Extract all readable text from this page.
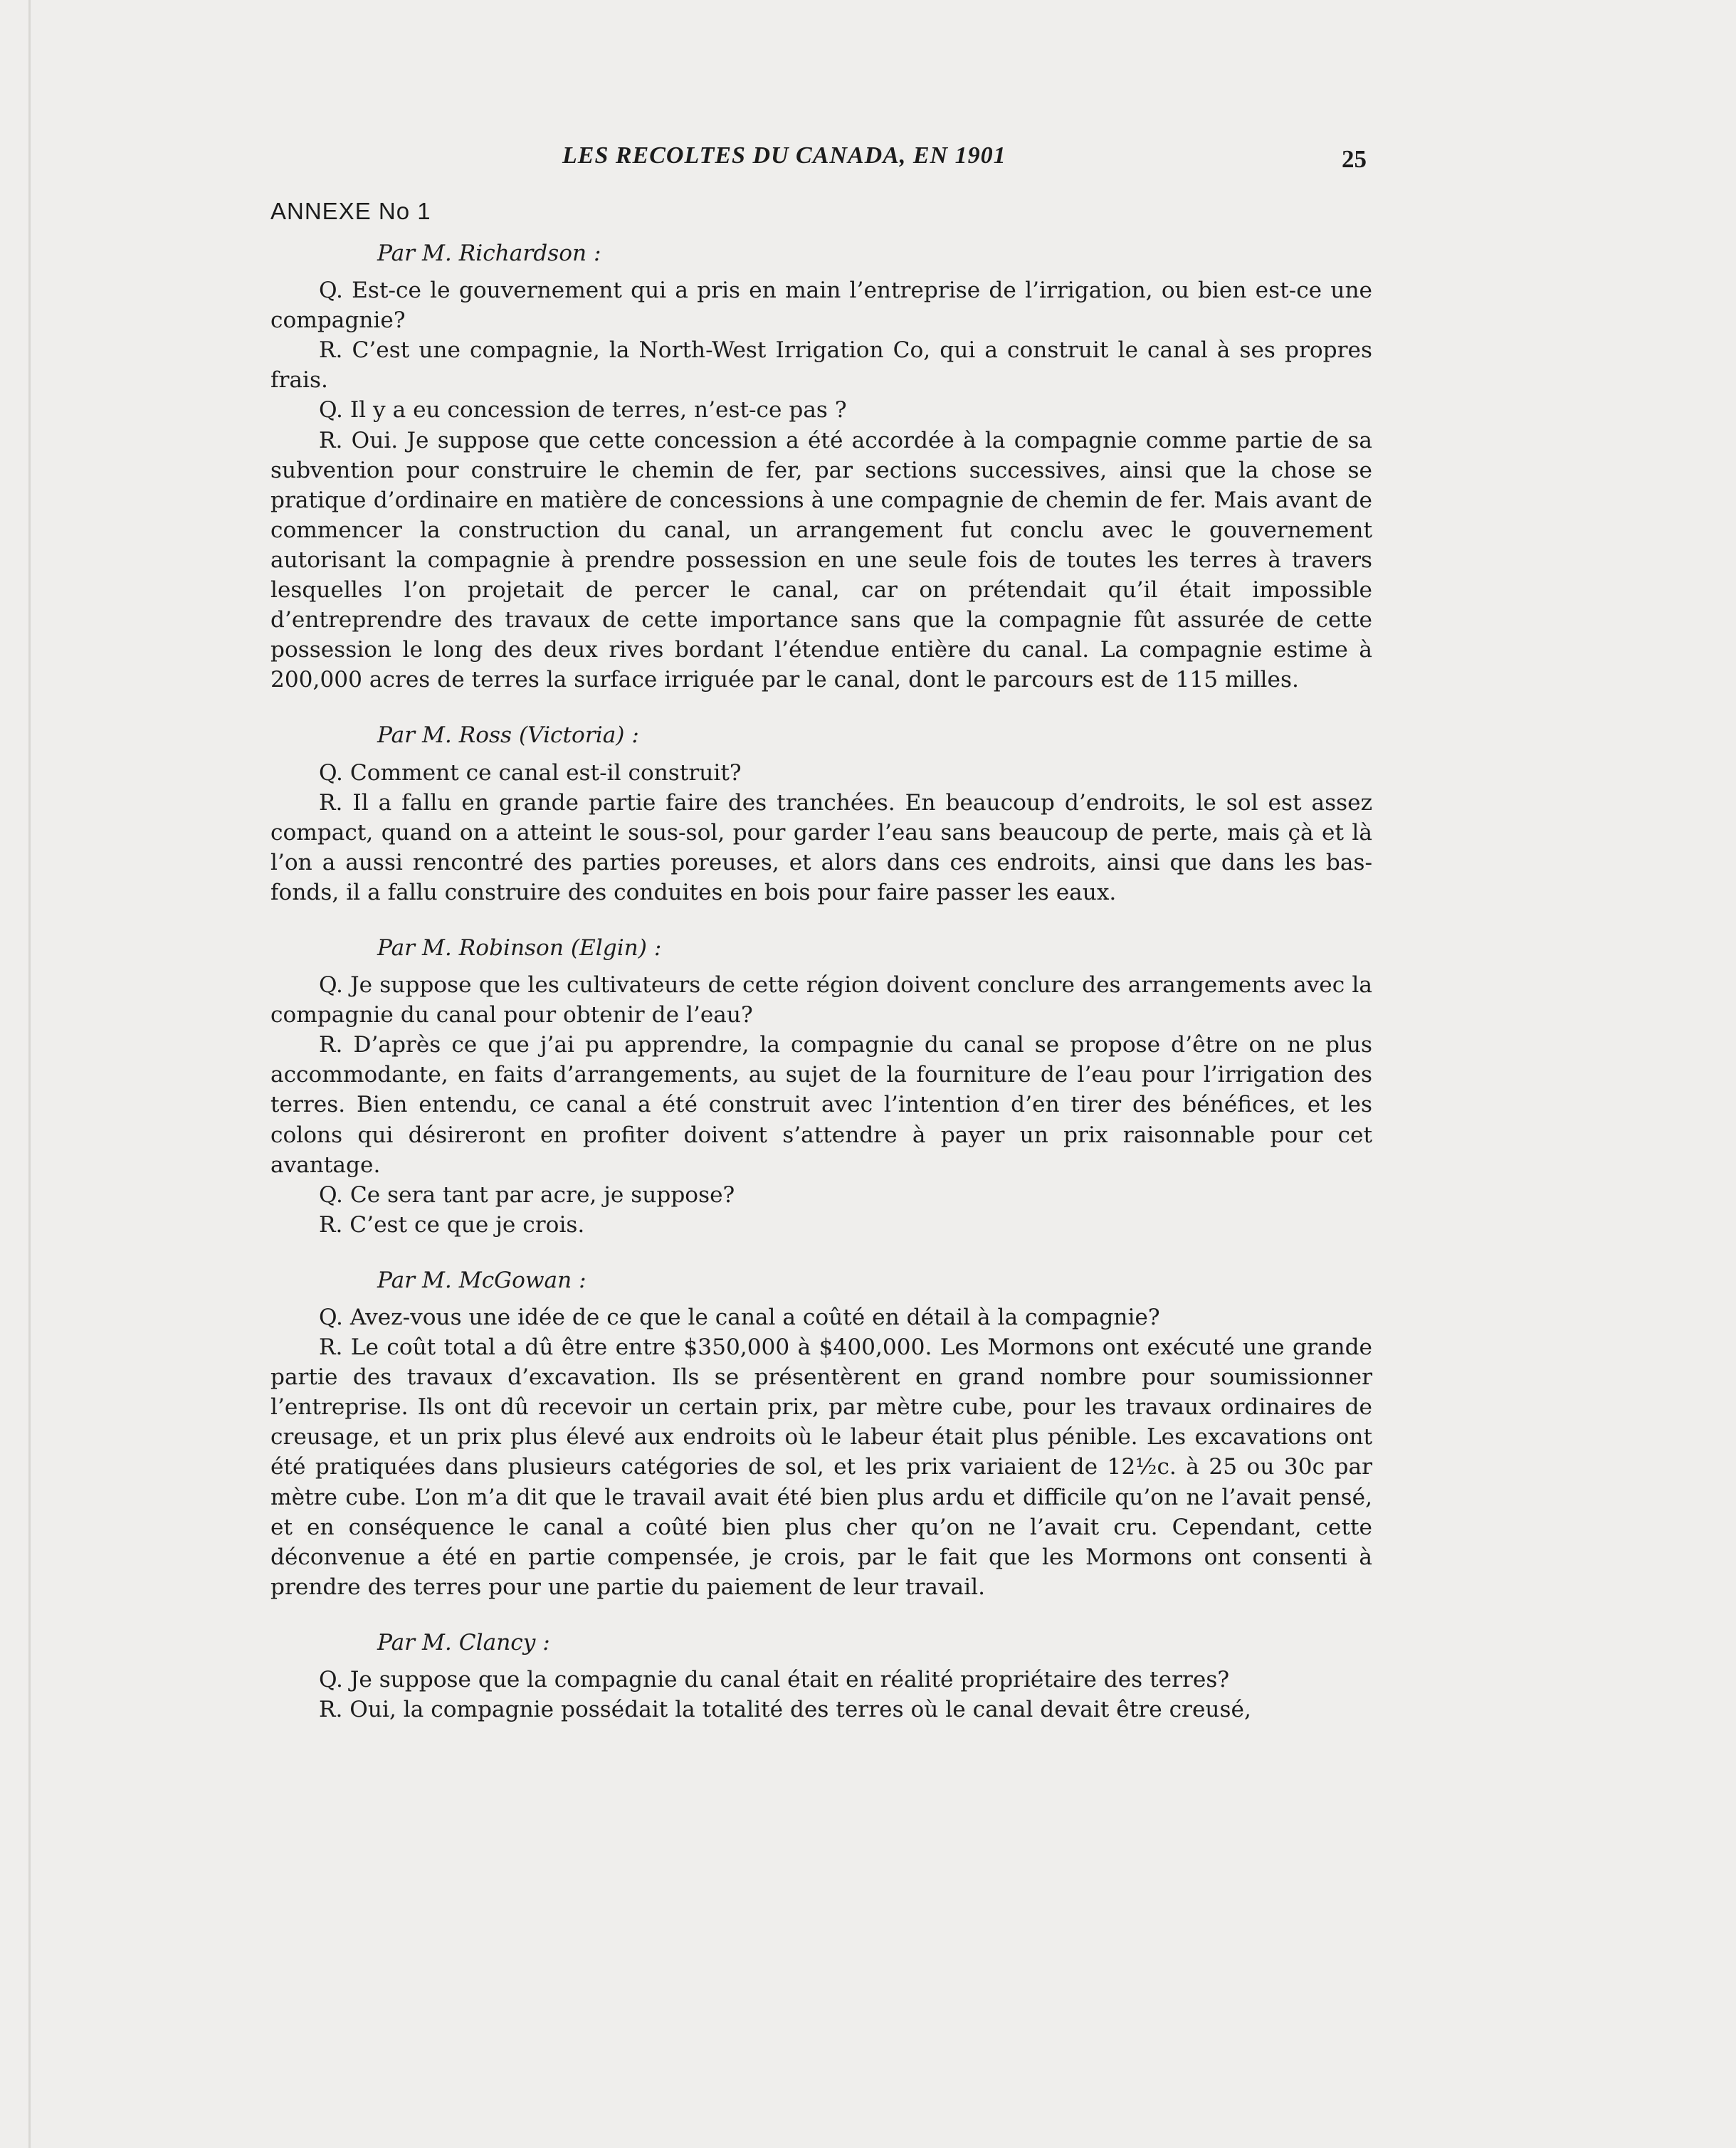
LES RECOLTES DU CANADA, EN 1901	25
ANNEXE No 1

Par M. Richardson :

Q. Est-ce le gouvernement qui a pris en main l’entreprise de l’irrigation, ou bien est-ce une compagnie?

R. C’est une compagnie, la North-West Irrigation Co, qui a construit le canal à ses propres frais.

Q. Il y a eu concession de terres, n’est-ce pas ?

R. Oui. Je suppose que cette concession a été accordée à la compagnie comme partie de sa subvention pour construire le chemin de fer, par sections successives, ainsi que la chose se pratique d’ordinaire en matière de concessions à une compagnie de chemin de fer. Mais avant de commencer la construction du canal, un arrangement fut conclu avec le gouvernement autorisant la compagnie à prendre possession en une seule fois de toutes les terres à travers lesquelles l’on projetait de percer le canal, car on prétendait qu’il était impossible d’entreprendre des travaux de cette importance sans que la compagnie fût assurée de cette possession le long des deux rives bordant l’étendue entière du canal. La compagnie estime à 200,000 acres de terres la surface irriguée par le canal, dont le parcours est de 115 milles.

Par M. Ross (Victoria) :

Q. Comment ce canal est-il construit?

R. Il a fallu en grande partie faire des tranchées. En beaucoup d’endroits, le sol est assez compact, quand on a atteint le sous-sol, pour garder l’eau sans beaucoup de perte, mais çà et là l’on a aussi rencontré des parties poreuses, et alors dans ces endroits, ainsi que dans les bas-fonds, il a fallu construire des conduites en bois pour faire passer les eaux.

Par M. Robinson (Elgin) :

Q. Je suppose que les cultivateurs de cette région doivent conclure des arrangements avec la compagnie du canal pour obtenir de l’eau?

R. D’après ce que j’ai pu apprendre, la compagnie du canal se propose d’être on ne plus accommodante, en faits d’arrangements, au sujet de la fourniture de l’eau pour l’irrigation des terres. Bien entendu, ce canal a été construit avec l’intention d’en tirer des bénéfices, et les colons qui désireront en profiter doivent s’attendre à payer un prix raisonnable pour cet avantage.

Q. Ce sera tant par acre, je suppose?

R. C’est ce que je crois.

Par M. McGowan :

Q. Avez-vous une idée de ce que le canal a coûté en détail à la compagnie?

R. Le coût total a dû être entre $350,000 à $400,000. Les Mormons ont exécuté une grande partie des travaux d’excavation. Ils se présentèrent en grand nombre pour soumissionner l’entreprise. Ils ont dû recevoir un certain prix, par mètre cube, pour les travaux ordinaires de creusage, et un prix plus élevé aux endroits où le labeur était plus pénible. Les excavations ont été pratiquées dans plusieurs catégories de sol, et les prix variaient de 12½c. à 25 ou 30c par mètre cube. L’on m’a dit que le travail avait été bien plus ardu et difficile qu’on ne l’avait pensé, et en conséquence le canal a coûté bien plus cher qu’on ne l’avait cru. Cependant, cette déconvenue a été en partie compensée, je crois, par le fait que les Mormons ont consenti à prendre des terres pour une partie du paiement de leur travail.

Par M. Clancy :

Q. Je suppose que la compagnie du canal était en réalité propriétaire des terres?

R. Oui, la compagnie possédait la totalité des terres où le canal devait être creusé,
